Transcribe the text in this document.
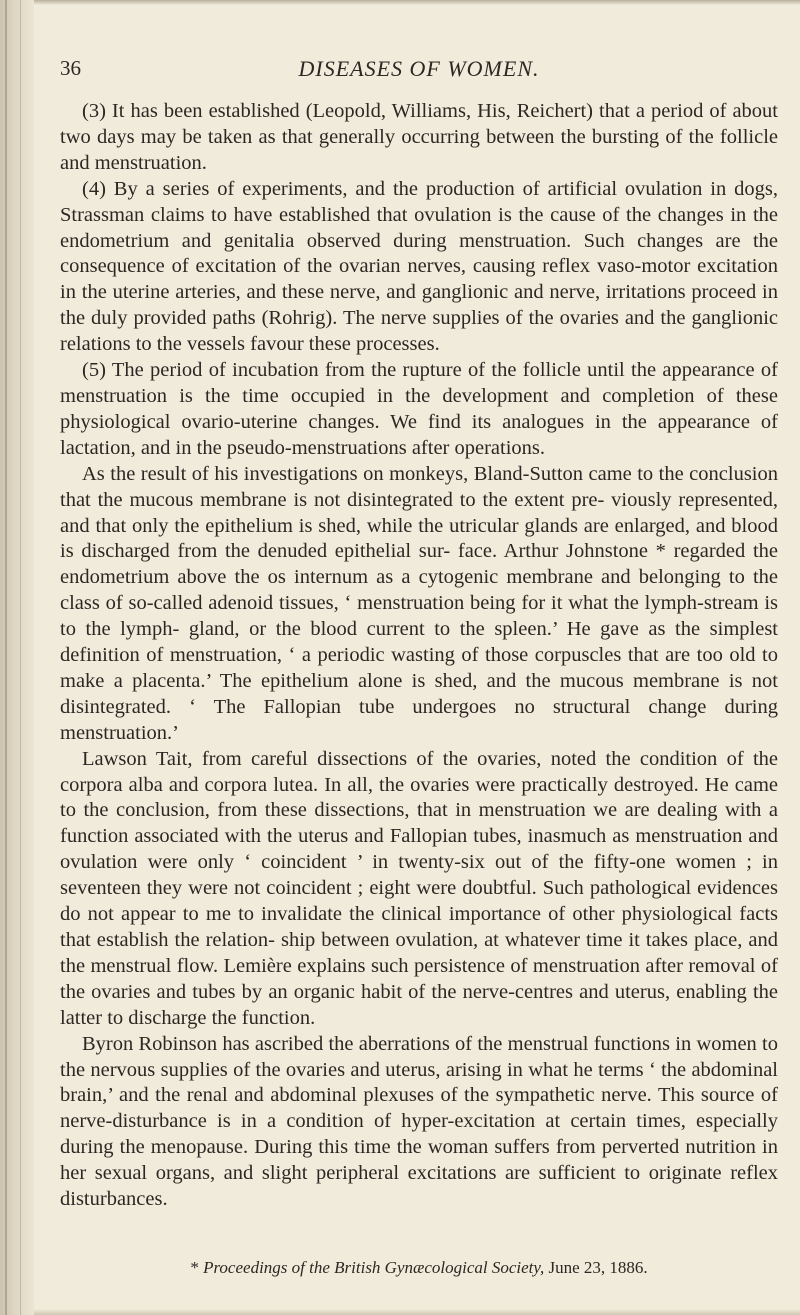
36	DISEASES OF WOMEN.

(3) It has been established (Leopold, Williams, His, Reichert) that a period of about two days may be taken as that generally occurring between the bursting of the follicle and menstruation.

(4) By a series of experiments, and the production of artificial ovulation in dogs, Strassman claims to have established that ovulation is the cause of the changes in the endometrium and genitalia observed during menstruation. Such changes are the consequence of excitation of the ovarian nerves, causing reflex vaso-motor excitation in the uterine arteries, and these nerve, and ganglionic and nerve, irritations proceed in the duly provided paths (Rohrig). The nerve supplies of the ovaries and the ganglionic relations to the vessels favour these processes.

(5) The period of incubation from the rupture of the follicle until the appearance of menstruation is the time occupied in the development and completion of these physiological ovario-uterine changes. We find its analogues in the appearance of lactation, and in the pseudo-menstruations after operations.

As the result of his investigations on monkeys, Bland-Sutton came to the conclusion that the mucous membrane is not disintegrated to the extent pre- viously represented, and that only the epithelium is shed, while the utricular glands are enlarged, and blood is discharged from the denuded epithelial sur- face. Arthur Johnstone * regarded the endometrium above the os internum as a cytogenic membrane and belonging to the class of so-called adenoid tissues, ‘ menstruation being for it what the lymph-stream is to the lymph- gland, or the blood current to the spleen.’ He gave as the simplest definition of menstruation, ‘ a periodic wasting of those corpuscles that are too old to make a placenta.’ The epithelium alone is shed, and the mucous membrane is not disintegrated. ‘ The Fallopian tube undergoes no structural change during menstruation.’

Lawson Tait, from careful dissections of the ovaries, noted the condition of the corpora alba and corpora lutea. In all, the ovaries were practically destroyed. He came to the conclusion, from these dissections, that in menstruation we are dealing with a function associated with the uterus and Fallopian tubes, inasmuch as menstruation and ovulation were only ‘ coincident ’ in twenty-six out of the fifty-one women ; in seventeen they were not coincident ; eight were doubtful. Such pathological evidences do not appear to me to invalidate the clinical importance of other physiological facts that establish the relation- ship between ovulation, at whatever time it takes place, and the menstrual flow. Lemière explains such persistence of menstruation after removal of the ovaries and tubes by an organic habit of the nerve-centres and uterus, enabling the latter to discharge the function.

Byron Robinson has ascribed the aberrations of the menstrual functions in women to the nervous supplies of the ovaries and uterus, arising in what he terms ‘ the abdominal brain,’ and the renal and abdominal plexuses of the sympathetic nerve. This source of nerve-disturbance is in a condition of hyper-excitation at certain times, especially during the menopause. During this time the woman suffers from perverted nutrition in her sexual organs, and slight peripheral excitations are sufficient to originate reflex disturbances.

* Proceedings of the British Gynæcological Society, June 23, 1886.
